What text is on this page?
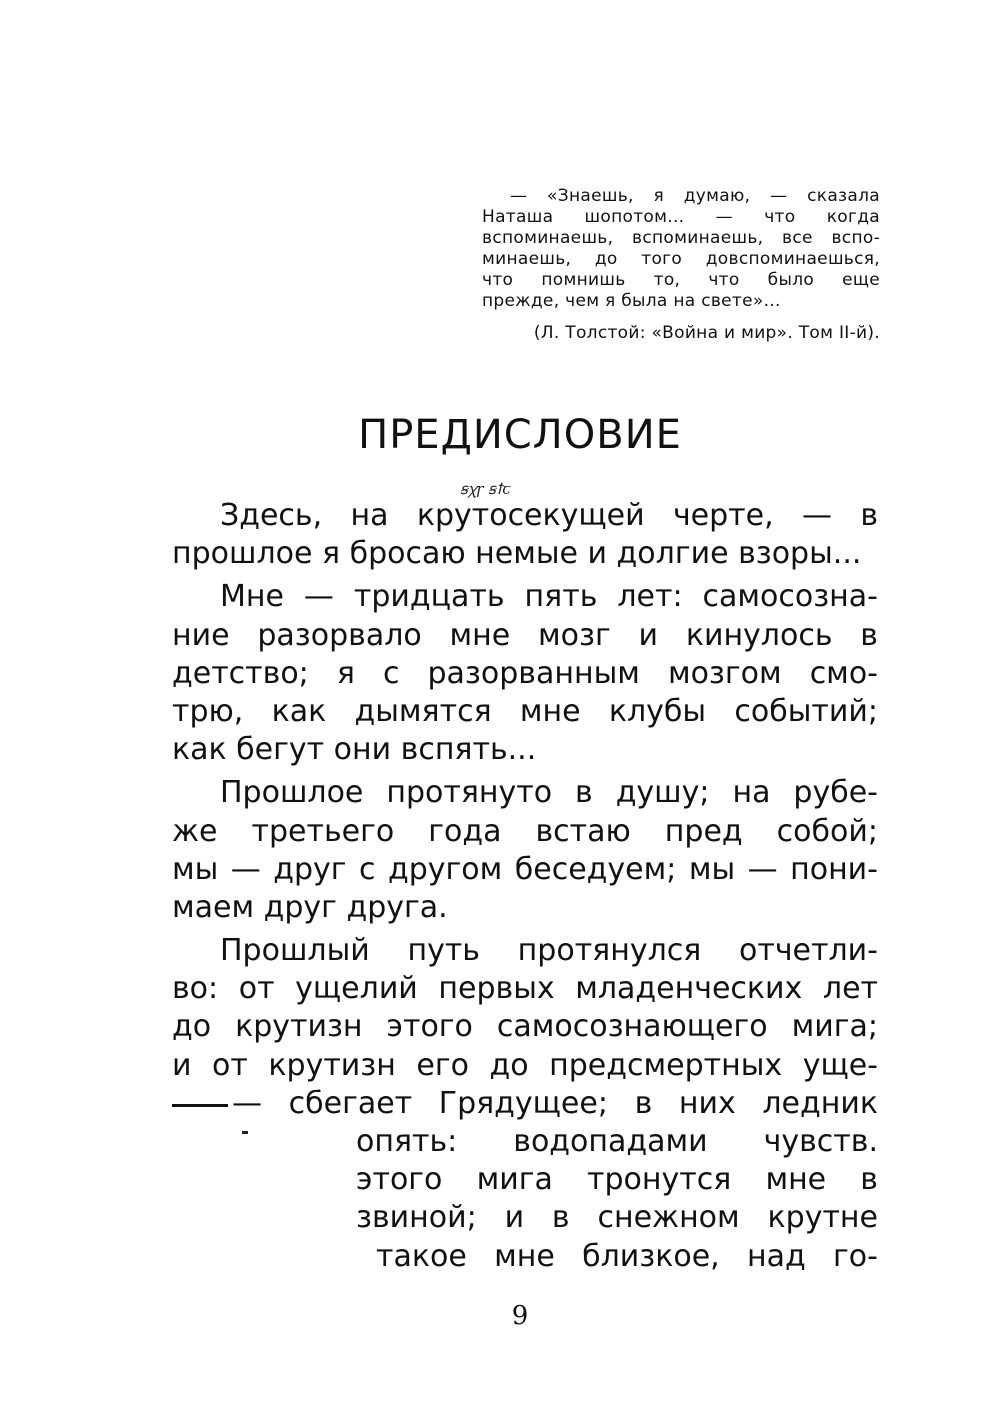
— «Знаешь, я думаю, — сказала
Наташа шопотом... — что когда
вспоминаешь, вспоминаешь, все вспо-
минаешь, до того довспоминаешься,
что помнишь то, что было еще
прежде, чем я была на свете»...
(Л. Толстой: «Война и мир». Том II-й).
ПРЕДИСЛОВИЕ
ꞩꭓꞅ ꞩꝉꞇ
Здесь, на крутосекущей черте, — в
прошлое я бросаю немые и долгие взоры...
Мне — тридцать пять лет: самосозна-
ние разорвало мне мозг и кинулось в
детство; я с разорванным мозгом смо-
трю, как дымятся мне клубы событий;
как бегут они вспять...
Прошлое протянуто в душу; на рубе-
же третьего года встаю пред собой;
мы — друг с другом беседуем; мы — пони-
маем друг друга.
Прошлый путь протянулся отчетли-
во: от ущелий первых младенческих лет
до крутизн этого самосознающего мига;
и от крутизн его до предсмертных уще-
— сбегает Грядущее; в них ледник
опять: водопадами чувств.
этого мига тронутся мне в
звиной; и в снежном крутне
такое мне близкое, над го-
9
